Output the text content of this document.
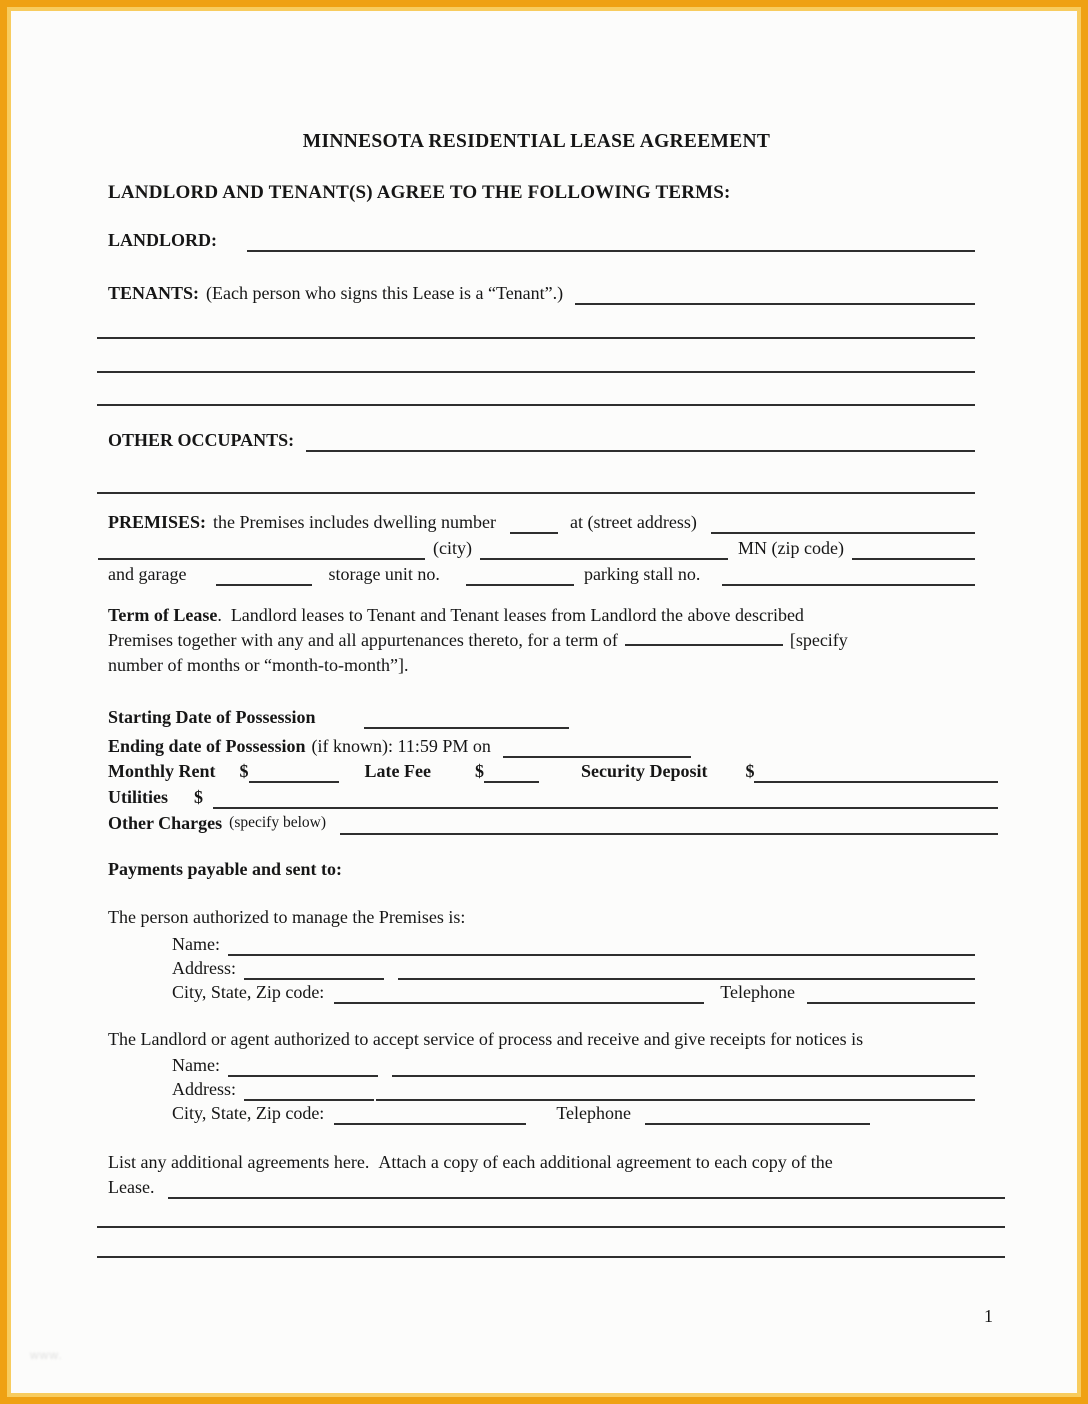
MINNESOTA RESIDENTIAL LEASE AGREEMENT
LANDLORD AND TENANT(S) AGREE TO THE FOLLOWING TERMS:
LANDLORD:
TENANTS: (Each person who signs this Lease is a “Tenant”.)
OTHER OCCUPANTS:
PREMISES: the Premises includes dwelling number	at (street address)
(city)	MN (zip code)
and garage	storage unit no.	parking stall no.
Term of Lease.  Landlord leases to Tenant and Tenant leases from Landlord the above described
Premises together with any and all appurtenances thereto, for a term of	[specify
number of months or “month-to-month”].
Starting Date of Possession
Ending date of Possession (if known): 11:59 PM on
Monthly Rent $	Late Fee $	Security Deposit $
Utilities $
Other Charges (specify below)
Payments payable and sent to:
The person authorized to manage the Premises is:
Name:
Address:
City, State, Zip code:	Telephone
The Landlord or agent authorized to accept service of process and receive and give receipts for notices is
Name:
Address:
City, State, Zip code:	Telephone
List any additional agreements here.  Attach a copy of each additional agreement to each copy of the
Lease.
1
www.
